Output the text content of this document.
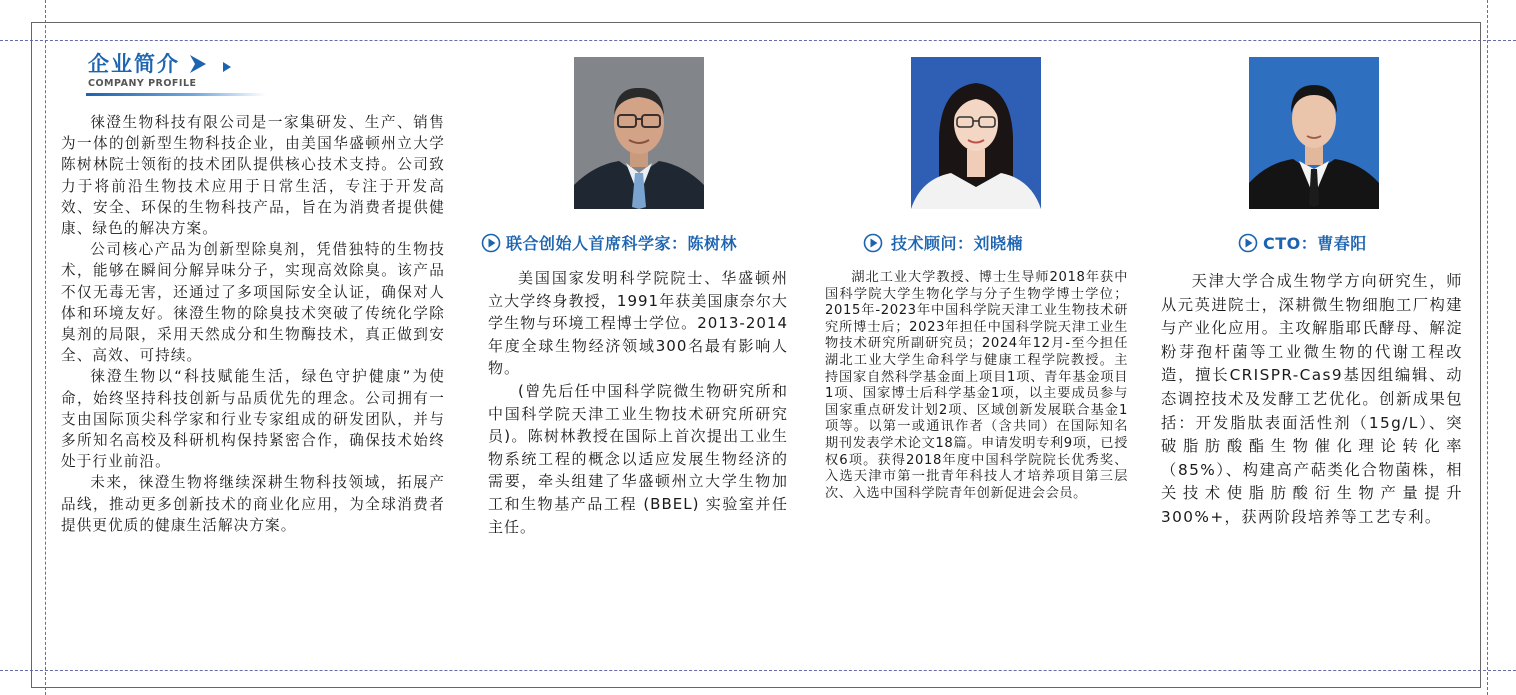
企业简介
COMPANY PROFILE

徕澄生物科技有限公司是一家集研发、生产、销售为一体的创新型生物科技企业，由美国华盛顿州立大学陈树林院士领衔的技术团队提供核心技术支持。公司致力于将前沿生物技术应用于日常生活，专注于开发高效、安全、环保的生物科技产品，旨在为消费者提供健康、绿色的解决方案。

公司核心产品为创新型除臭剂，凭借独特的生物技术，能够在瞬间分解异味分子，实现高效除臭。该产品不仅无毒无害，还通过了多项国际安全认证，确保对人体和环境友好。徕澄生物的除臭技术突破了传统化学除臭剂的局限，采用天然成分和生物酶技术，真正做到安全、高效、可持续。

徕澄生物以“科技赋能生活，绿色守护健康”为使命，始终坚持科技创新与品质优先的理念。公司拥有一支由国际顶尖科学家和行业专家组成的研发团队，并与多所知名高校及科研机构保持紧密合作，确保技术始终处于行业前沿。

未来，徕澄生物将继续深耕生物科技领域，拓展产品线，推动更多创新技术的商业化应用，为全球消费者提供更优质的健康生活解决方案。

联合创始人首席科学家：陈树林	技术顾问：刘晓楠	CTO：曹春阳

美国国家发明科学院院士、华盛顿州立大学终身教授，1991年获美国康奈尔大学生物与环境工程博士学位。2013-2014年度全球生物经济领域300名最有影响人物。

(曾先后任中国科学院微生物研究所和中国科学院天津工业生物技术研究所研究员)。陈树林教授在国际上首次提出工业生物系统工程的概念以适应发展生物经济的需要，牵头组建了华盛顿州立大学生物加工和生物基产品工程 (BBEL) 实验室并任主任。

湖北工业大学教授、博士生导师2018年获中国科学院大学生物化学与分子生物学博士学位；2015年-2023年中国科学院天津工业生物技术研究所博士后；2023年担任中国科学院天津工业生物技术研究所副研究员；2024年12月-至今担任湖北工业大学生命科学与健康工程学院教授。主持国家自然科学基金面上项目1项、青年基金项目1项、国家博士后科学基金1项，以主要成员参与国家重点研发计划2项、区域创新发展联合基金1项等。以第一或通讯作者（含共同）在国际知名期刊发表学术论文18篇。申请发明专利9项，已授权6项。获得2018年度中国科学院院长优秀奖、入选天津市第一批青年科技人才培养项目第三层次、入选中国科学院青年创新促进会会员。

天津大学合成生物学方向研究生，师从元英进院士，深耕微生物细胞工厂构建与产业化应用。主攻解脂耶氏酵母、解淀粉芽孢杆菌等工业微生物的代谢工程改造，擅长CRISPR-Cas9基因组编辑、动态调控技术及发酵工艺优化。创新成果包括：开发脂肽表面活性剂（15g/L）、突破脂肪酸酯生物催化理论转化率（85%）、构建高产萜类化合物菌株，相关技术使脂肪酸衍生物产量提升300%+，获两阶段培养等工艺专利。
